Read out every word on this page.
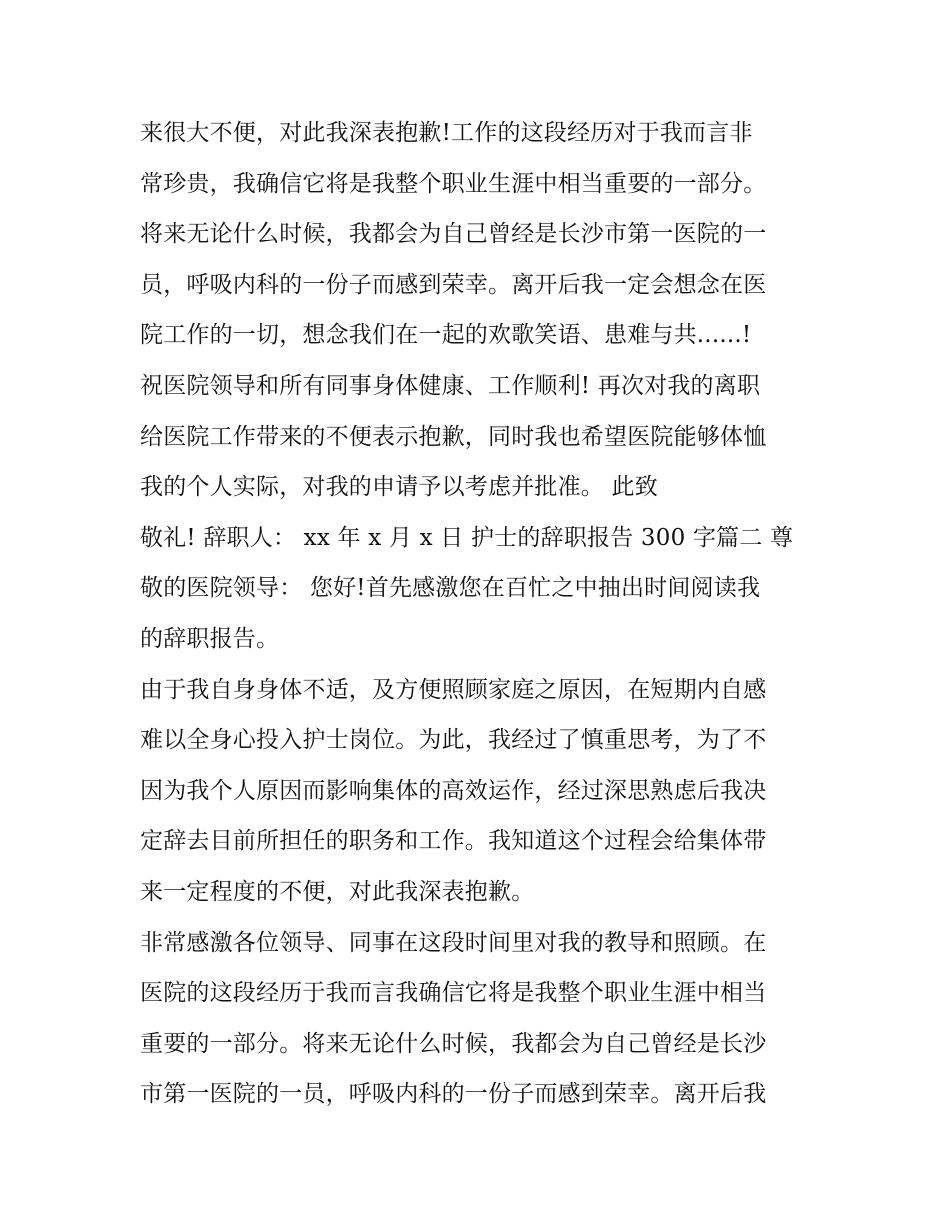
来很大不便，对此我深表抱歉!工作的这段经历对于我而言非
常珍贵，我确信它将是我整个职业生涯中相当重要的一部分。
将来无论什么时候，我都会为自己曾经是长沙市第一医院的一
员，呼吸内科的一份子而感到荣幸。离开后我一定会想念在医
院工作的一切，想念我们在一起的欢歌笑语、患难与共......!
祝医院领导和所有同事身体健康、工作顺利! 再次对我的离职
给医院工作带来的不便表示抱歉，同时我也希望医院能够体恤
我的个人实际，对我的申请予以考虑并批准。 此致
敬礼! 辞职人： xx 年 x 月 x 日 护士的辞职报告 300 字篇二 尊
敬的医院领导： 您好!首先感激您在百忙之中抽出时间阅读我
的辞职报告。
由于我自身身体不适，及方便照顾家庭之原因，在短期内自感
难以全身心投入护士岗位。为此，我经过了慎重思考，为了不
因为我个人原因而影响集体的高效运作，经过深思熟虑后我决
定辞去目前所担任的职务和工作。我知道这个过程会给集体带
来一定程度的不便，对此我深表抱歉。
非常感激各位领导、同事在这段时间里对我的教导和照顾。在
医院的这段经历于我而言我确信它将是我整个职业生涯中相当
重要的一部分。将来无论什么时候，我都会为自己曾经是长沙
市第一医院的一员，呼吸内科的一份子而感到荣幸。离开后我
